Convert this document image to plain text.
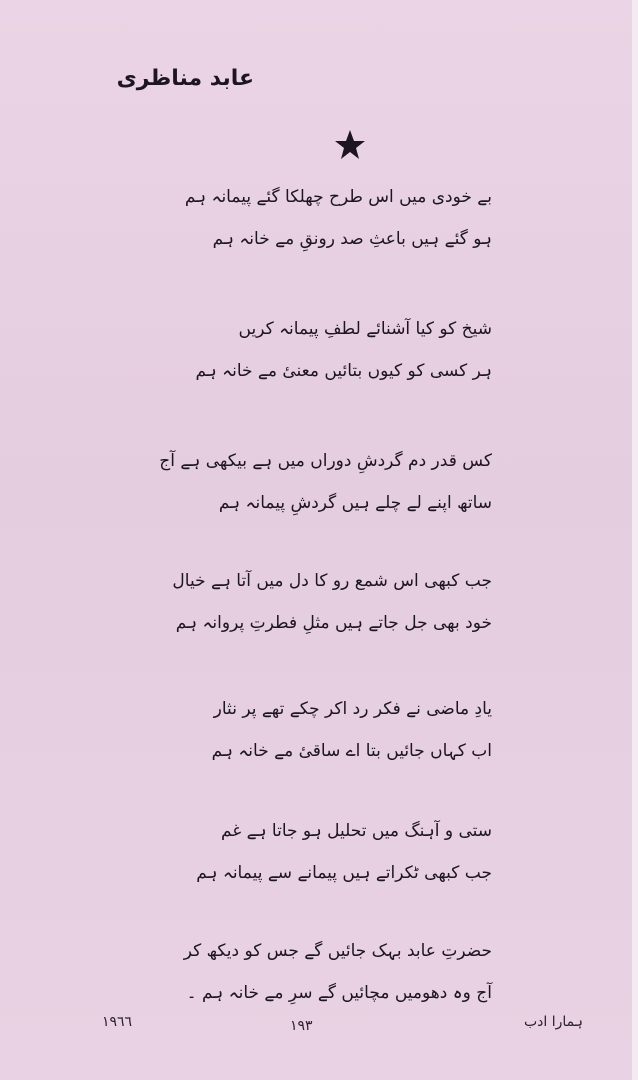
عابد مناظری
بے خودی میں اس طرح چھلکا گئے پیمانہ ہم
ہو گئے ہیں باعثِ صد رونقِ مے خانہ ہم
شیخ کو کیا آشنائے لطفِ پیمانہ کریں
ہر کسی کو کیوں بتائیں معنیٔ مے خانہ ہم
کس قدر دم گردشِ دوراں میں ہے بیکھی ہے آج
ساتھ اپنے لے چلے ہیں گردشِ پیمانہ ہم
جب کبھی اس شمع رو کا دل میں آتا ہے خیال
خود بھی جل جاتے ہیں مثلِ فطرتِ پروانہ ہم
یادِ ماضی نے فکر رد اکر چکے تھے پر نثار
اب کہاں جائیں بتا اے ساقیٔ مے خانہ ہم
ستی و آہنگ میں تحلیل ہو جاتا ہے غم
جب کبھی ٹکراتے ہیں پیمانے سے پیمانہ ہم
حضرتِ عابد بہک جائیں گے جس کو دیکھ کر
آج وہ دھومیں مچائیں گے سرِ مے خانہ ہم ۔
١٩٦٦	١٩٣	ہمارا ادب
